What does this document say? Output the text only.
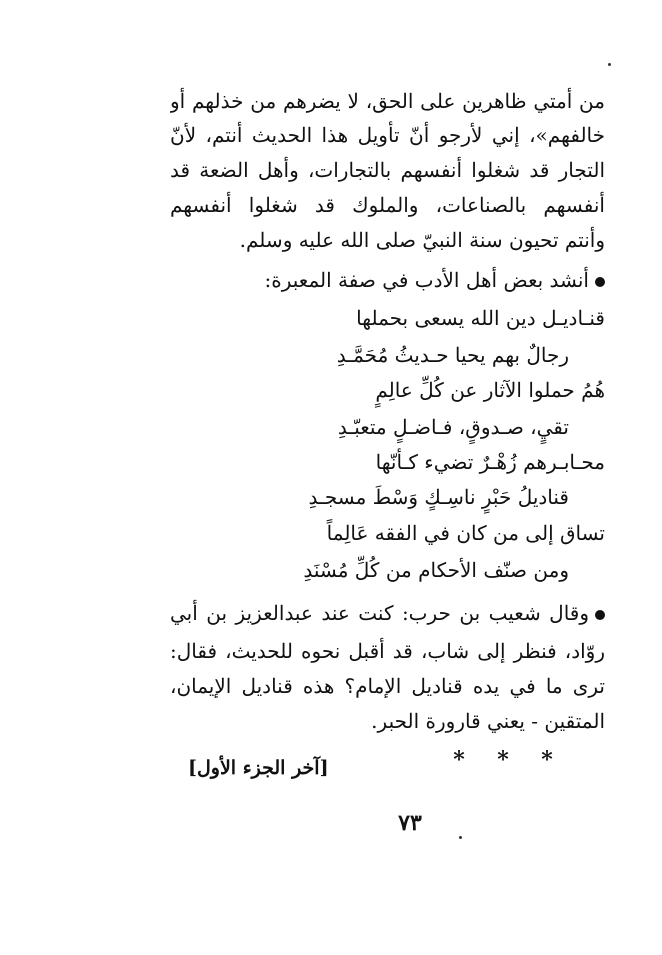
من أمتي ظاهرين على الحق، لا يضرهم من خذلهم أو
خالفهم»، إني لأرجو أنّ تأويل هذا الحديث أنتم، لأنّ
التجار قد شغلوا أنفسهم بالتجارات، وأهل الضعة قد
أنفسهم بالصناعات، والملوك قد شغلوا أنفسهم
وأنتم تحيون سنة النبيّ صلى الله عليه وسلم.
أنشد بعض أهل الأدب في صفة المعبرة:
قنـاديـل دين الله يسعى بحملها
رجالٌ بهم يحيا حـديثُ مُحَمَّـدِ
هُمُ حملوا الآثار عن كُلِّ عالِمٍ
تقيٍ، صـدوقٍ، فـاضـلٍ متعبّـدِ
محـابـرهم زُهْـرٌ تضيء كـأنّها
قناديلُ حَبْرٍ ناسِـكٍ وَسْطَ مسجـدِ
تساق إلى من كان في الفقه عَالِماً
ومن صنّف الأحكام من كُلِّ مُسْنَدِ
وقال شعيب بن حرب: كنت عند عبدالعزيز بن أبي
روّاد، فنظر إلى شاب، قد أقبل نحوه للحديث، فقال:
ترى ما في يده قناديل الإمام؟ هذه قناديل الإيمان،
المتقين - يعني قارورة الحبر.
* * *
[آخر الجزء الأول]
٧٣
